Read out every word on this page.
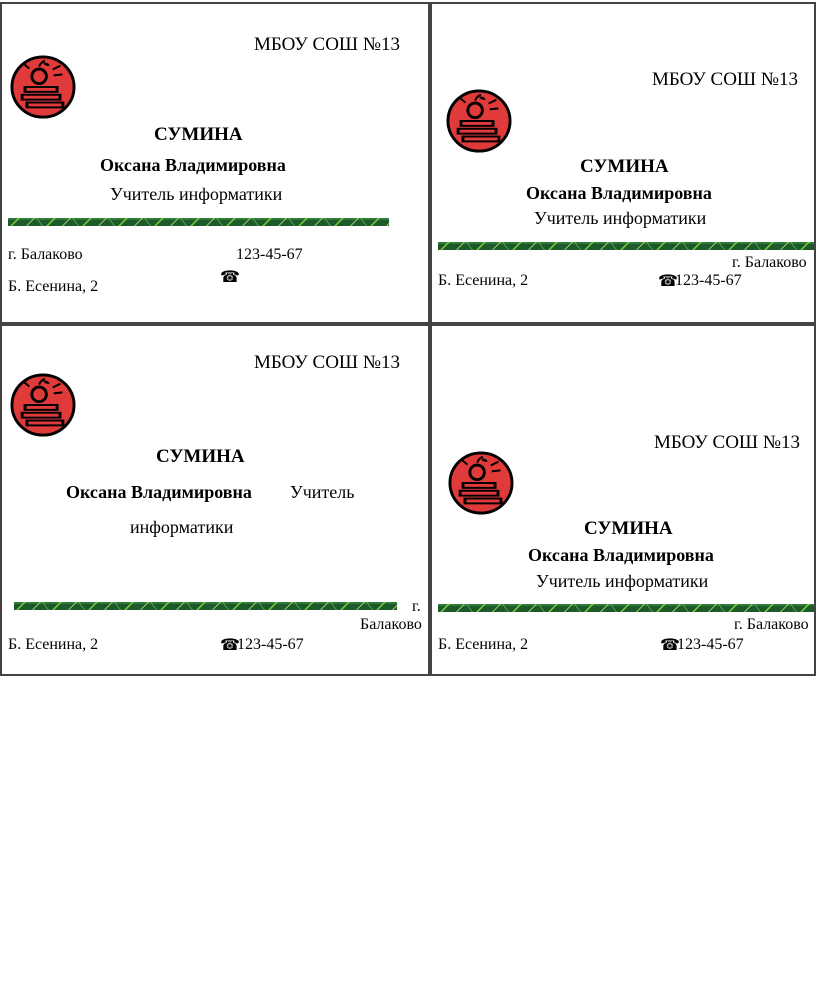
МБОУ СОШ №13
СУМИНА
Оксана Владимировна
Учитель информатики
г. Балаково	123-45-67
☎
Б. Есенина, 2
МБОУ СОШ №13
СУМИНА
Оксана Владимировна
Учитель информатики
г. Балаково
Б. Есенина, 2	☎
123-45-67
МБОУ СОШ №13
СУМИНА
Оксана Владимировна Учитель
информатики
г.
Балаково
Б. Есенина, 2	☎
123-45-67
МБОУ СОШ №13
СУМИНА
Оксана Владимировна
Учитель информатики
г. Балаково
Б. Есенина, 2	☎
123-45-67
